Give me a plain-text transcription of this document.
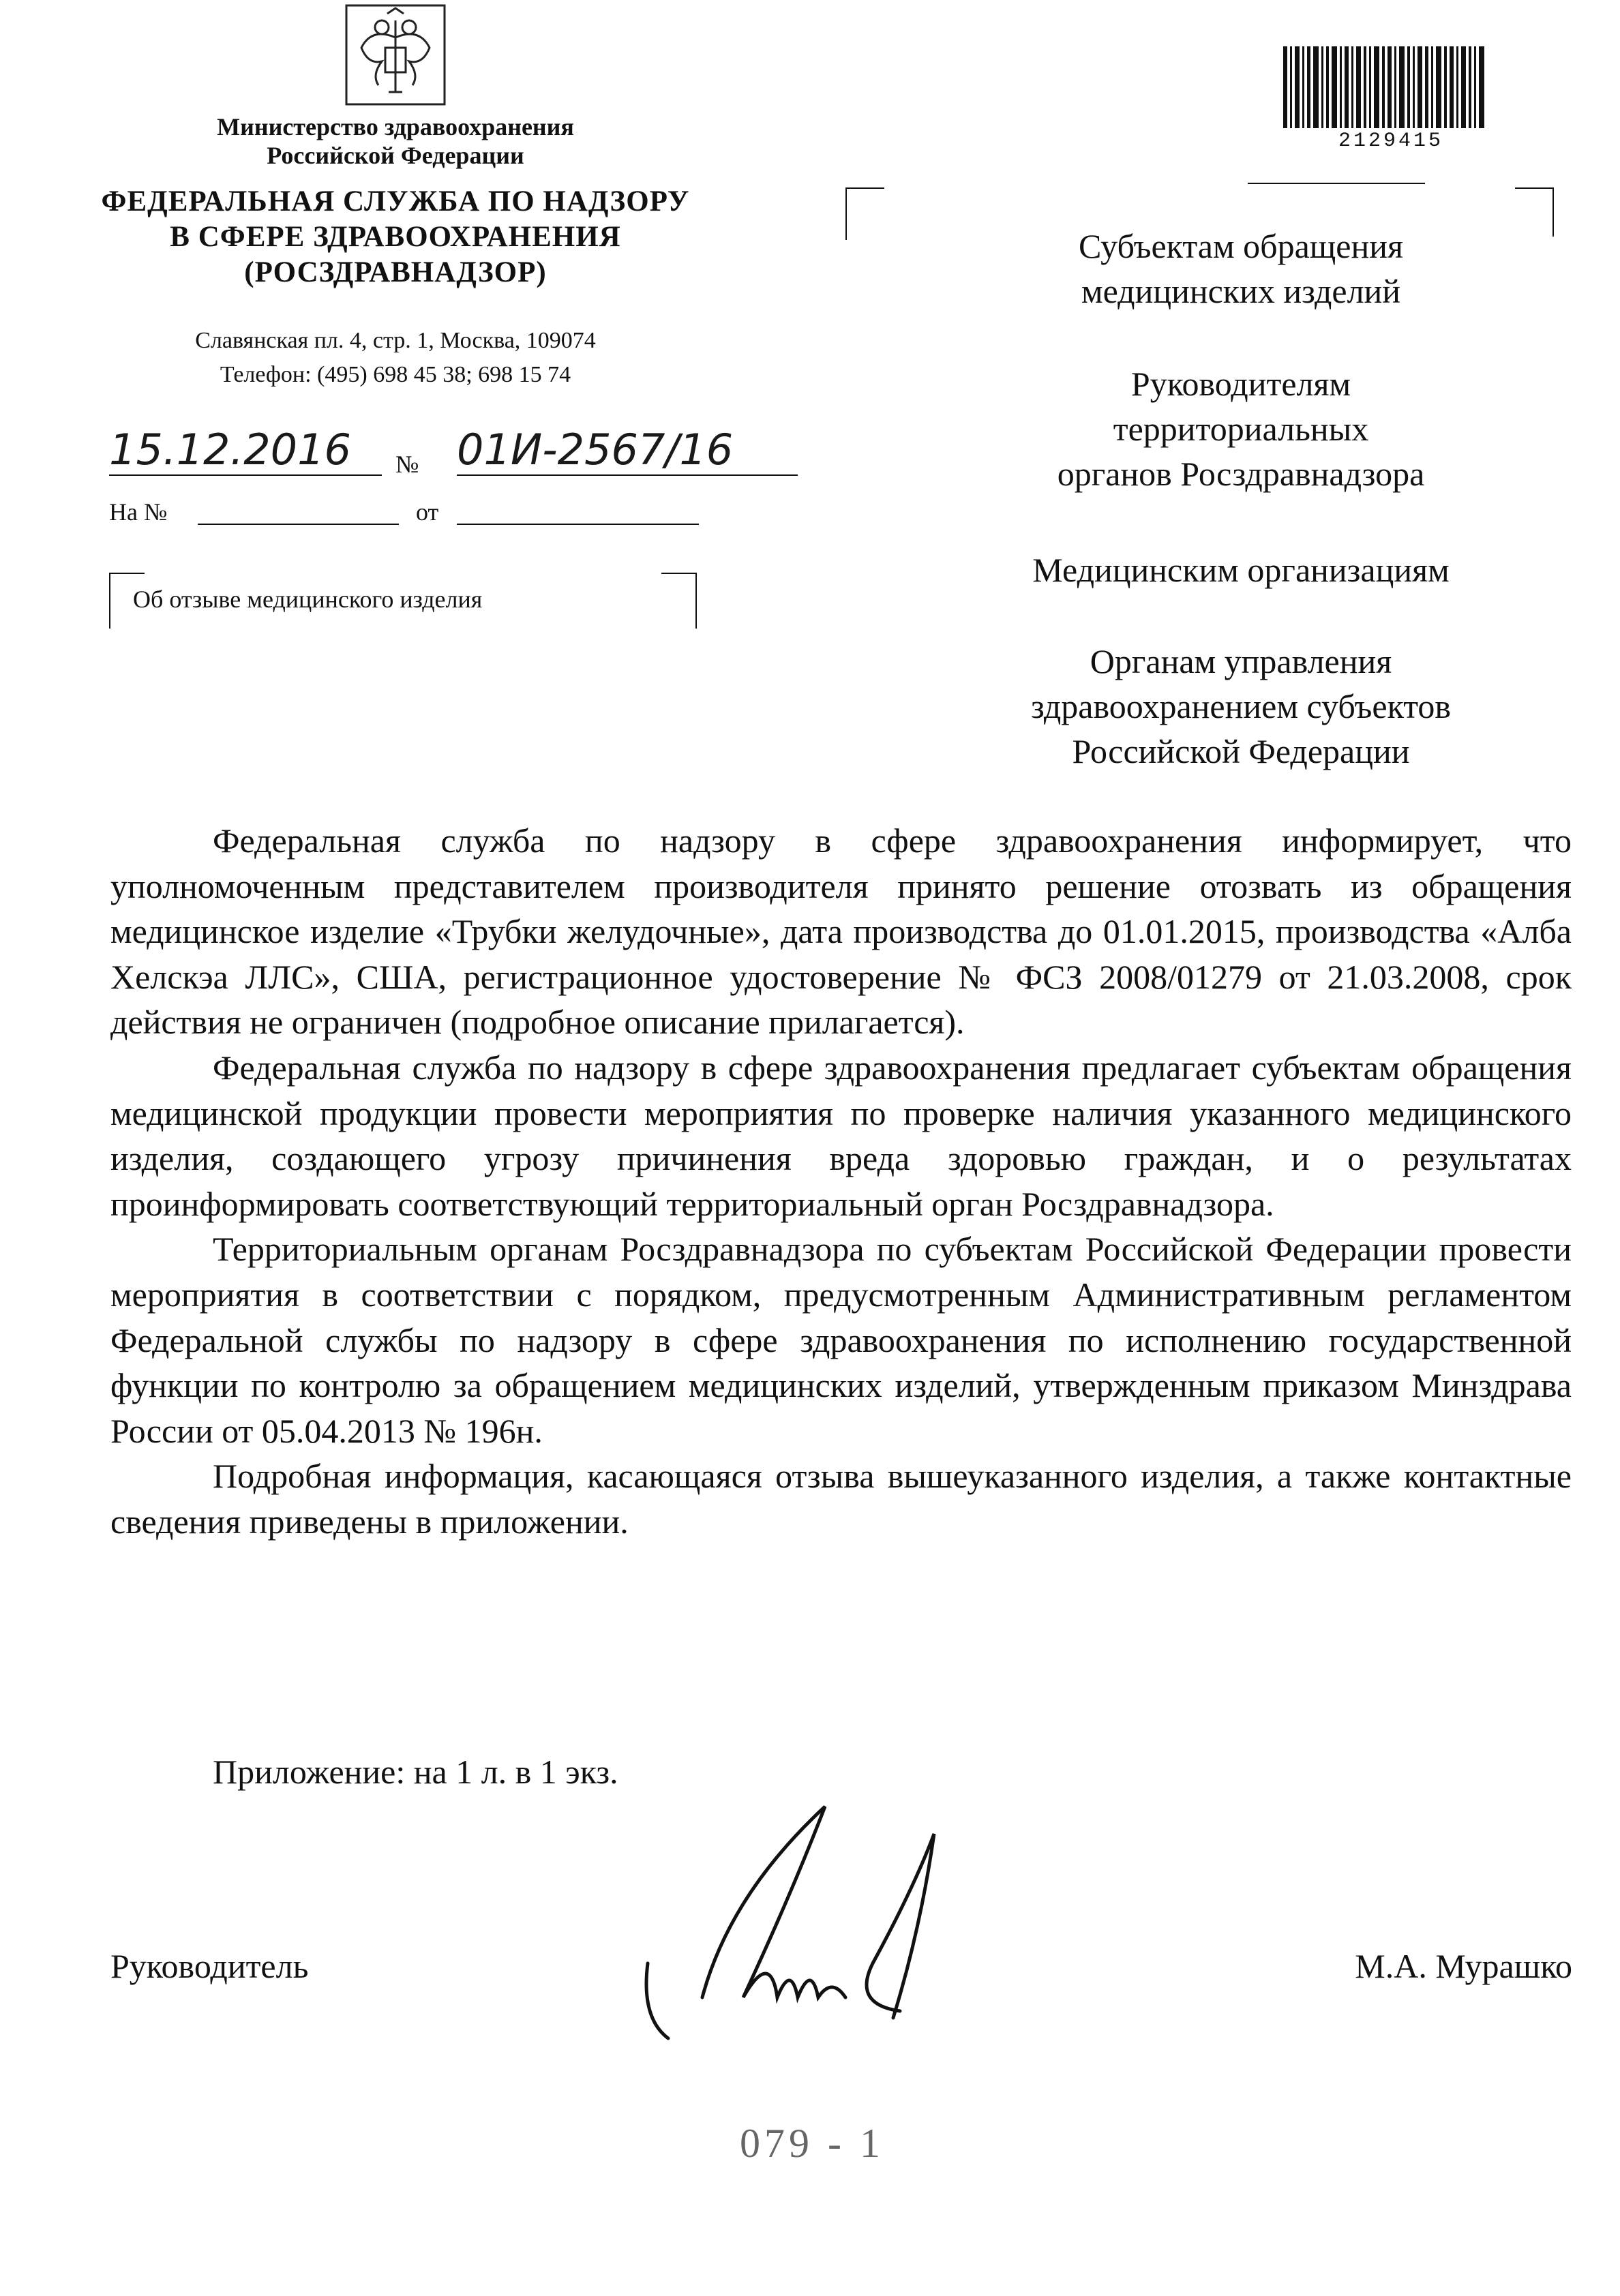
Министерство здравоохранения
Российской Федерации
ФЕДЕРАЛЬНАЯ СЛУЖБА ПО НАДЗОРУ
В СФЕРЕ ЗДРАВООХРАНЕНИЯ
(РОСЗДРАВНАДЗОР)
Славянская пл. 4, стр. 1, Москва, 109074
Телефон: (495) 698 45 38; 698 15 74
15.12.2016	№ 01И-2567/16
На №	от
Об отзыве медицинского изделия
2129415
Субъектам обращения
медицинских изделий
Руководителям
территориальных
органов Росздравнадзора
Медицинским организациям
Органам управления
здравоохранением субъектов
Российской Федерации

Федеральная служба по надзору в сфере здравоохранения информирует, что уполномоченным представителем производителя принято решение отозвать из обращения медицинское изделие «Трубки желудочные», дата производства до 01.01.2015, производства «Алба Хелскэа ЛЛС», США, регистрационное удостоверение № ФСЗ 2008/01279 от 21.03.2008, срок действия не ограничен (подробное описание прилагается).

Федеральная служба по надзору в сфере здравоохранения предлагает субъектам обращения медицинской продукции провести мероприятия по проверке наличия указанного медицинского изделия, создающего угрозу причинения вреда здоровью граждан, и о результатах проинформировать соответствующий территориальный орган Росздравнадзора.

Территориальным органам Росздравнадзора по субъектам Российской Федерации провести мероприятия в соответствии с порядком, предусмотренным Административным регламентом Федеральной службы по надзору в сфере здравоохранения по исполнению государственной функции по контролю за обращением медицинских изделий, утвержденным приказом Минздрава России от 05.04.2013 № 196н.

Подробная информация, касающаяся отзыва вышеуказанного изделия, а также контактные сведения приведены в приложении.

Приложение: на 1 л. в 1 экз.
Руководитель	М.А. Мурашко
079 - 1
